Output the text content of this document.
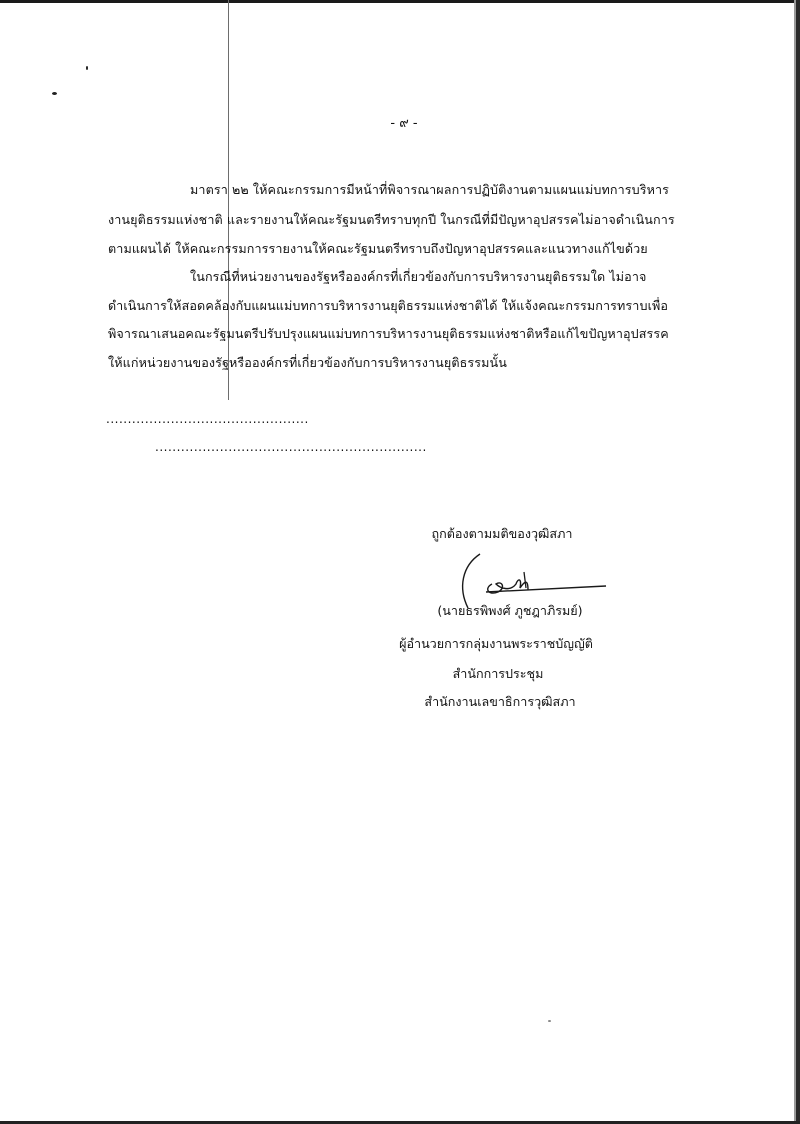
- ๙ -
มาตรา ๒๒ ให้คณะกรรมการมีหน้าที่พิจารณาผลการปฏิบัติงานตามแผนแม่บทการบริหาร
งานยุติธรรมแห่งชาติ และรายงานให้คณะรัฐมนตรีทราบทุกปี ในกรณีที่มีปัญหาอุปสรรคไม่อาจดำเนินการ
ตามแผนได้ ให้คณะกรรมการรายงานให้คณะรัฐมนตรีทราบถึงปัญหาอุปสรรคและแนวทางแก้ไขด้วย
ในกรณีที่หน่วยงานของรัฐหรือองค์กรที่เกี่ยวข้องกับการบริหารงานยุติธรรมใด ไม่อาจ
ดำเนินการให้สอดคล้องกับแผนแม่บทการบริหารงานยุติธรรมแห่งชาติได้ ให้แจ้งคณะกรรมการทราบเพื่อ
พิจารณาเสนอคณะรัฐมนตรีปรับปรุงแผนแม่บทการบริหารงานยุติธรรมแห่งชาติหรือแก้ไขปัญหาอุปสรรค
ให้แก่หน่วยงานของรัฐหรือองค์กรที่เกี่ยวข้องกับการบริหารงานยุติธรรมนั้น
...............................................
...............................................................
ถูกต้องตามมติของวุฒิสภา
(นายธรพิพงศ์ ภูชฎาภิรมย์)
ผู้อำนวยการกลุ่มงานพระราชบัญญัติ
สำนักการประชุม
สำนักงานเลขาธิการวุฒิสภา
